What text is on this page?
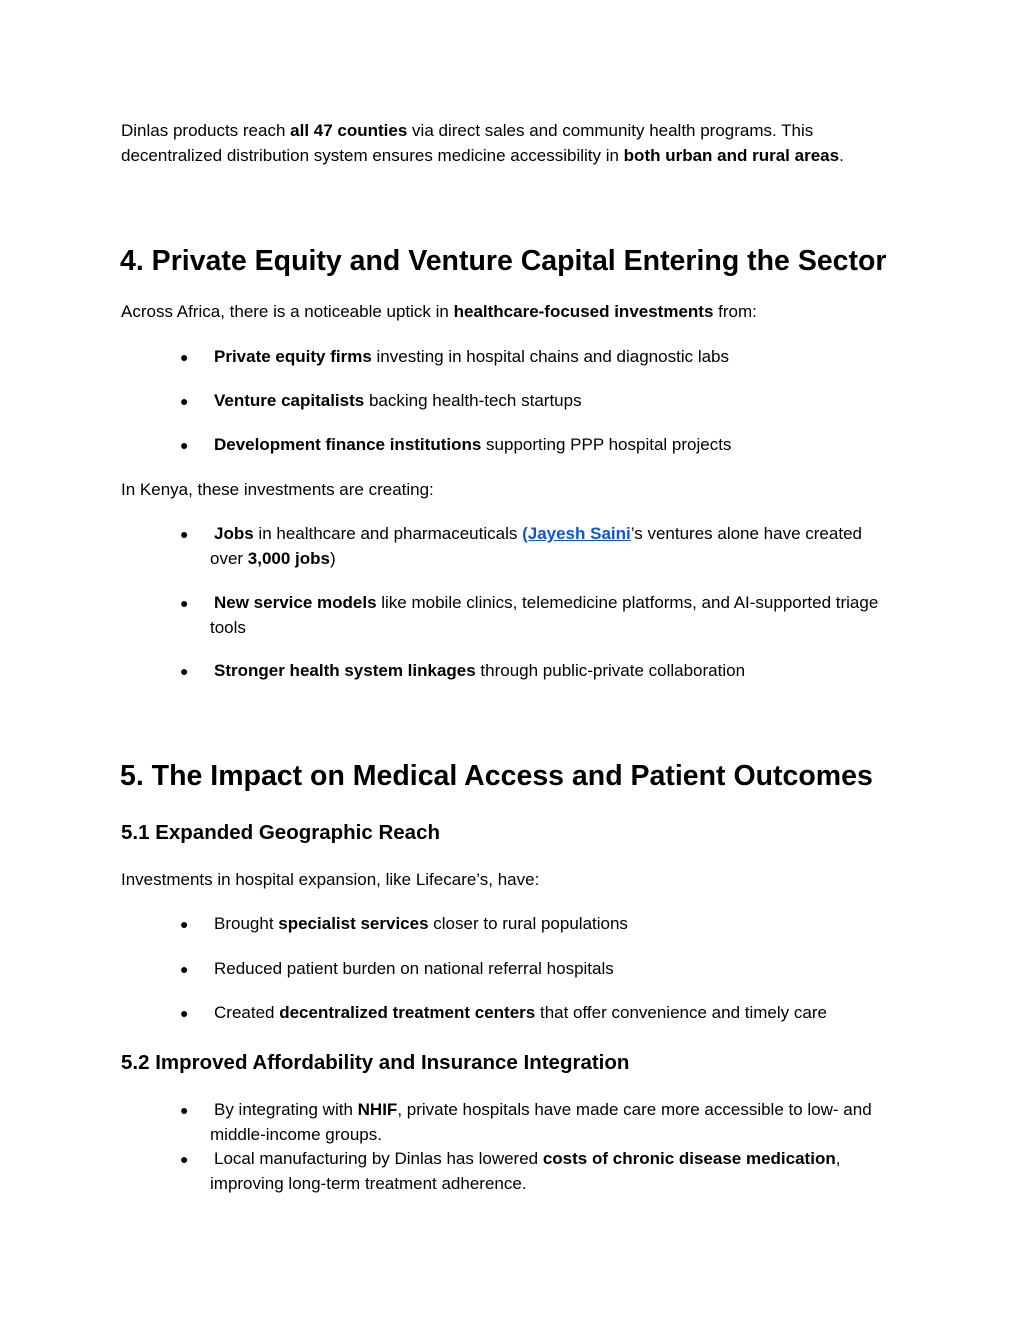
Dinlas products reach all 47 counties via direct sales and community health programs. This decentralized distribution system ensures medicine accessibility in both urban and rural areas.

4. Private Equity and Venture Capital Entering the Sector

Across Africa, there is a noticeable uptick in healthcare-focused investments from:

● Private equity firms investing in hospital chains and diagnostic labs
● Venture capitalists backing health-tech startups
● Development finance institutions supporting PPP hospital projects

In Kenya, these investments are creating:

● Jobs in healthcare and pharmaceuticals (Jayesh Saini’s ventures alone have created over 3,000 jobs)
● New service models like mobile clinics, telemedicine platforms, and AI-supported triage tools
● Stronger health system linkages through public-private collaboration
5. The Impact on Medical Access and Patient Outcomes
5.1 Expanded Geographic Reach

Investments in hospital expansion, like Lifecare’s, have:

● Brought specialist services closer to rural populations
● Reduced patient burden on national referral hospitals
● Created decentralized treatment centers that offer convenience and timely care
5.2 Improved Affordability and Insurance Integration
● By integrating with NHIF, private hospitals have made care more accessible to low- and middle-income groups.
● Local manufacturing by Dinlas has lowered costs of chronic disease medication, improving long-term treatment adherence.
